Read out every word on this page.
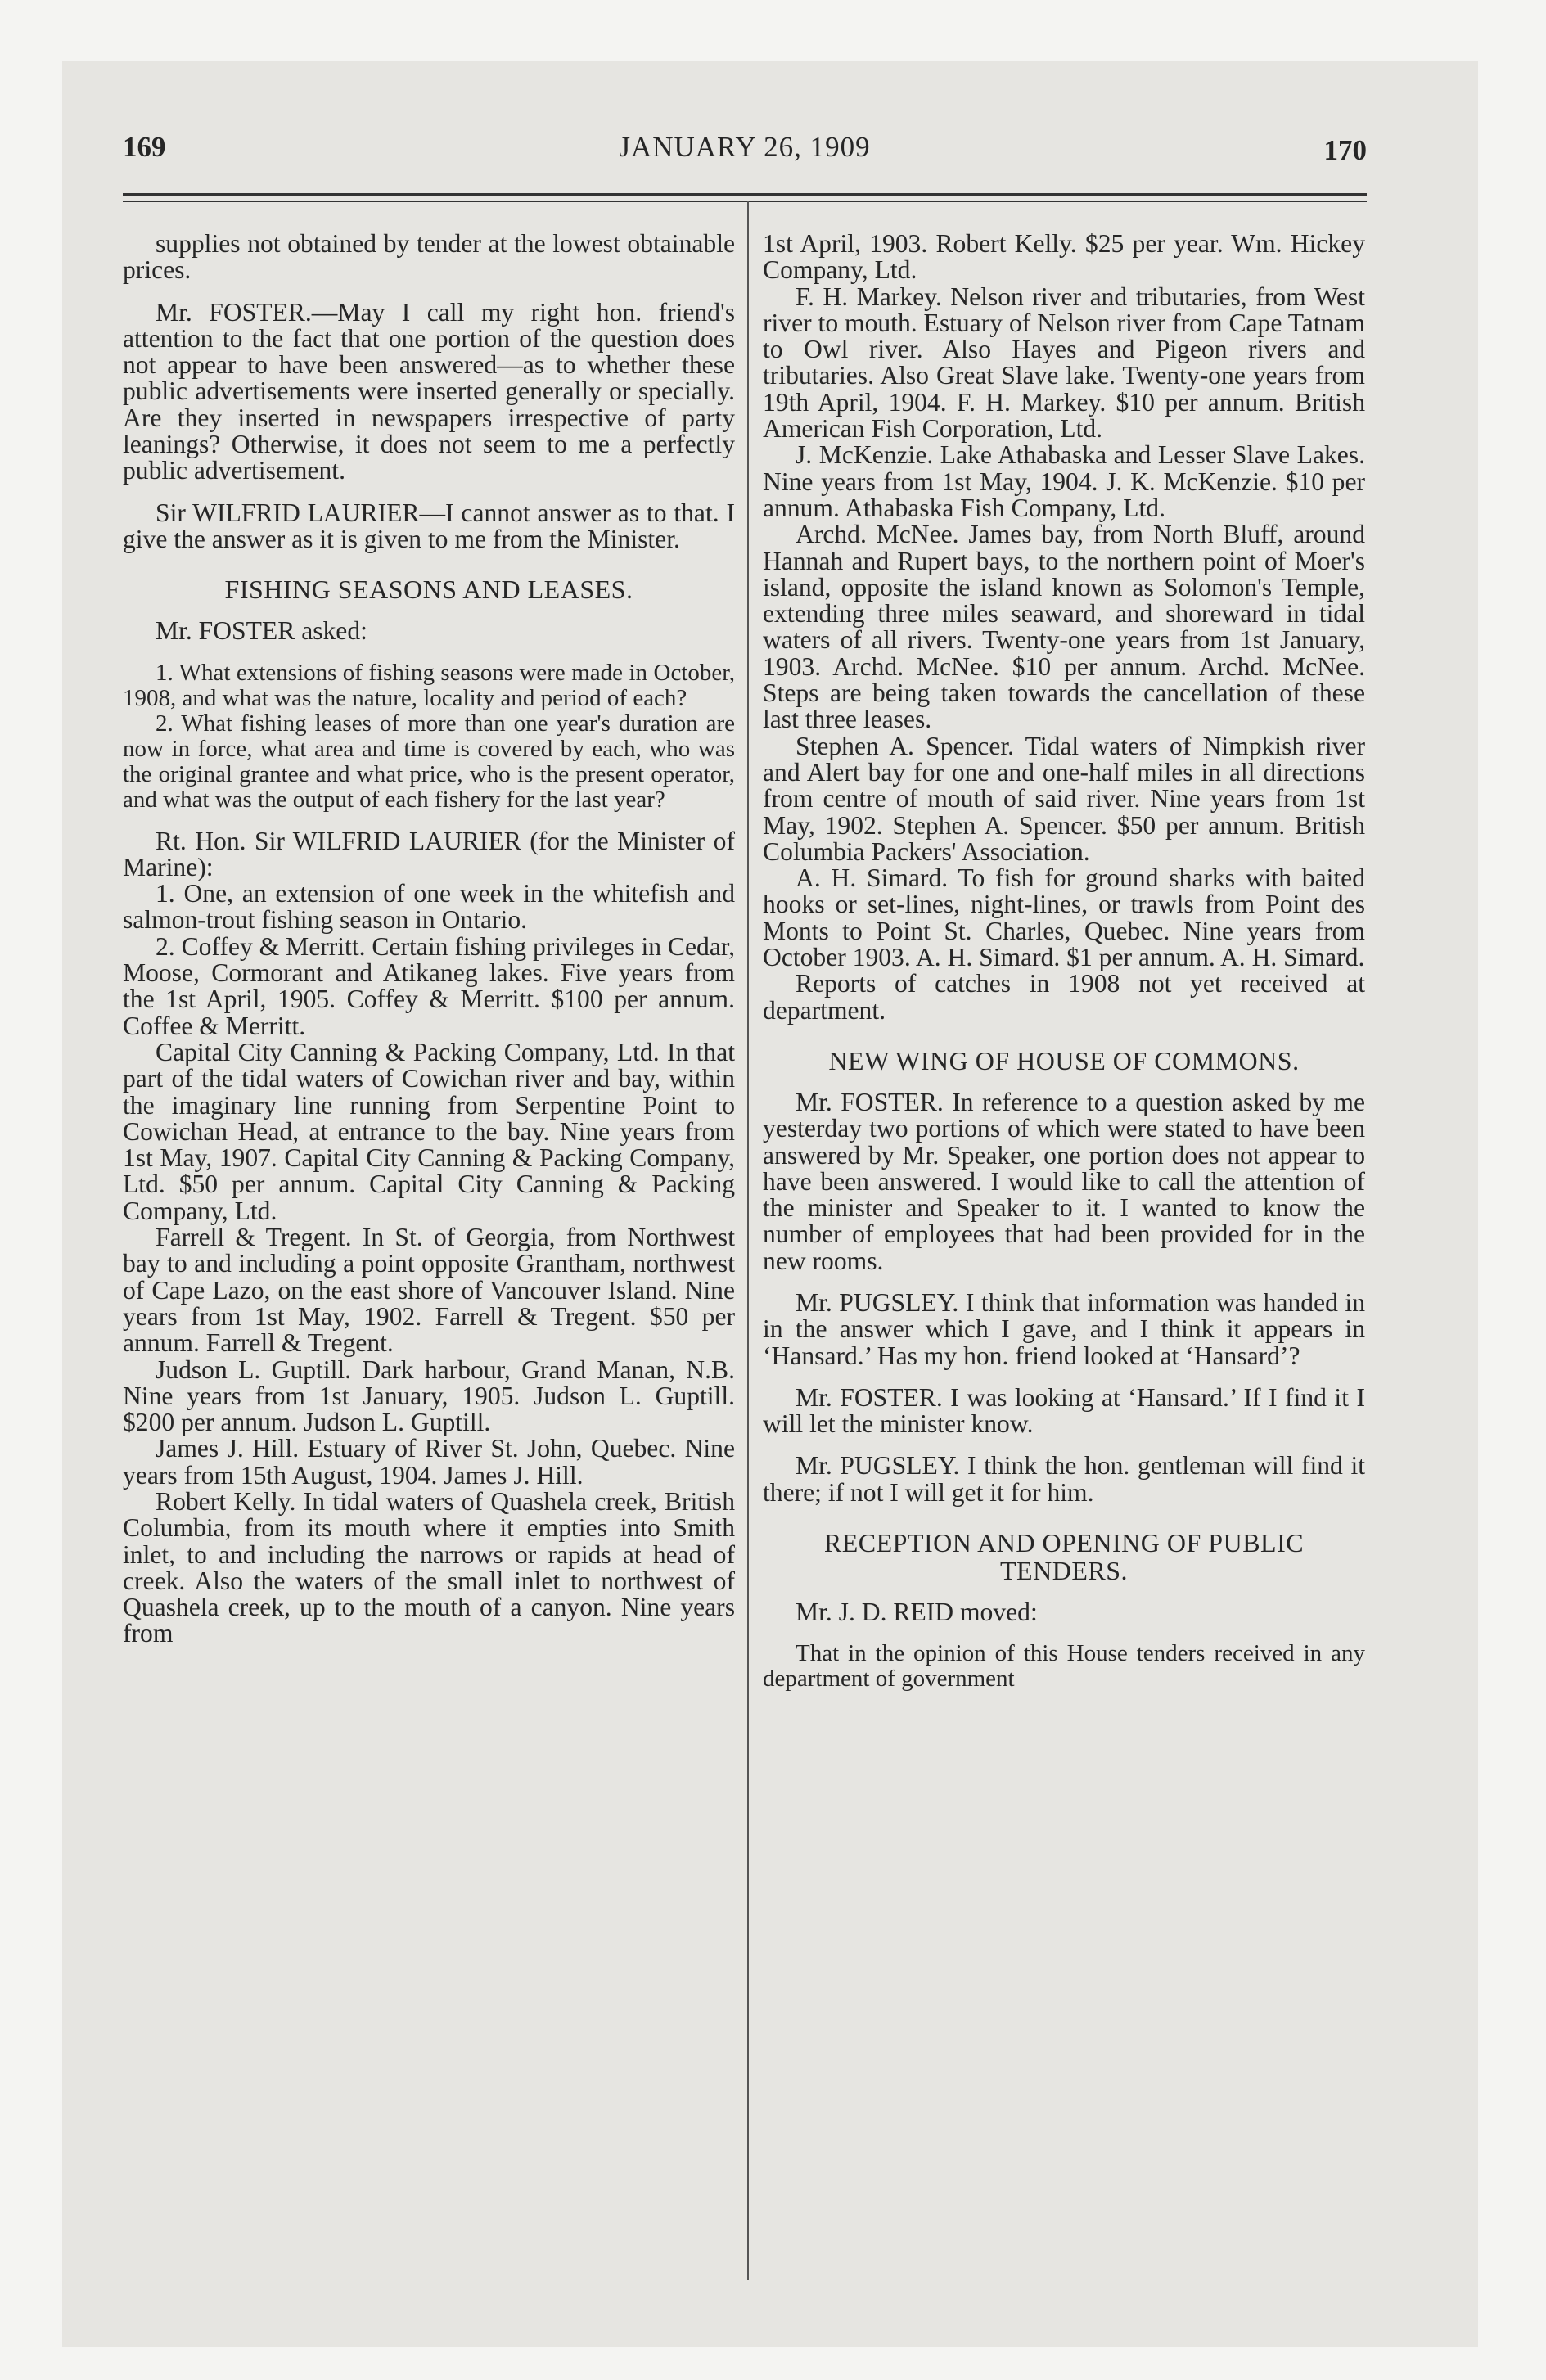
169	JANUARY 26, 1909	170

supplies not obtained by tender at the lowest obtainable prices.

Mr. FOSTER.—May I call my right hon. friend's attention to the fact that one portion of the question does not appear to have been answered—as to whether these public advertisements were inserted generally or specially. Are they inserted in newspapers irrespective of party leanings? Otherwise, it does not seem to me a perfectly public advertisement.

Sir WILFRID LAURIER—I cannot answer as to that. I give the answer as it is given to me from the Minister.

FISHING SEASONS AND LEASES.

Mr. FOSTER asked:

1. What extensions of fishing seasons were made in October, 1908, and what was the nature, locality and period of each?

2. What fishing leases of more than one year's duration are now in force, what area and time is covered by each, who was the original grantee and what price, who is the present operator, and what was the output of each fishery for the last year?

Rt. Hon. Sir WILFRID LAURIER (for the Minister of Marine):

1. One, an extension of one week in the whitefish and salmon-trout fishing season in Ontario.

2. Coffey & Merritt. Certain fishing privileges in Cedar, Moose, Cormorant and Atikaneg lakes. Five years from the 1st April, 1905. Coffey & Merritt. $100 per annum. Coffee & Merritt.

Capital City Canning & Packing Company, Ltd. In that part of the tidal waters of Cowichan river and bay, within the imaginary line running from Serpentine Point to Cowichan Head, at entrance to the bay. Nine years from 1st May, 1907. Capital City Canning & Packing Company, Ltd. $50 per annum. Capital City Canning & Packing Company, Ltd.

Farrell & Tregent. In St. of Georgia, from Northwest bay to and including a point opposite Grantham, northwest of Cape Lazo, on the east shore of Vancouver Island. Nine years from 1st May, 1902. Farrell & Tregent. $50 per annum. Farrell & Tregent.

Judson L. Guptill. Dark harbour, Grand Manan, N.B. Nine years from 1st January, 1905. Judson L. Guptill. $200 per annum. Judson L. Guptill.

James J. Hill. Estuary of River St. John, Quebec. Nine years from 15th August, 1904. James J. Hill.

Robert Kelly. In tidal waters of Quashela creek, British Columbia, from its mouth where it empties into Smith inlet, to and including the narrows or rapids at head of creek. Also the waters of the small inlet to northwest of Quashela creek, up to the mouth of a canyon. Nine years from

1st April, 1903. Robert Kelly. $25 per year. Wm. Hickey Company, Ltd.

F. H. Markey. Nelson river and tributaries, from West river to mouth. Estuary of Nelson river from Cape Tatnam to Owl river. Also Hayes and Pigeon rivers and tributaries. Also Great Slave lake. Twenty-one years from 19th April, 1904. F. H. Markey. $10 per annum. British American Fish Corporation, Ltd.

J. McKenzie. Lake Athabaska and Lesser Slave Lakes. Nine years from 1st May, 1904. J. K. McKenzie. $10 per annum. Athabaska Fish Company, Ltd.

Archd. McNee. James bay, from North Bluff, around Hannah and Rupert bays, to the northern point of Moer's island, opposite the island known as Solomon's Temple, extending three miles seaward, and shoreward in tidal waters of all rivers. Twenty-one years from 1st January, 1903. Archd. McNee. $10 per annum. Archd. McNee. Steps are being taken towards the cancellation of these last three leases.

Stephen A. Spencer. Tidal waters of Nimpkish river and Alert bay for one and one-half miles in all directions from centre of mouth of said river. Nine years from 1st May, 1902. Stephen A. Spencer. $50 per annum. British Columbia Packers' Association.

A. H. Simard. To fish for ground sharks with baited hooks or set-lines, night-lines, or trawls from Point des Monts to Point St. Charles, Quebec. Nine years from October 1903. A. H. Simard. $1 per annum. A. H. Simard.

Reports of catches in 1908 not yet received at department.

NEW WING OF HOUSE OF COMMONS.

Mr. FOSTER. In reference to a question asked by me yesterday two portions of which were stated to have been answered by Mr. Speaker, one portion does not appear to have been answered. I would like to call the attention of the minister and Speaker to it. I wanted to know the number of employees that had been provided for in the new rooms.

Mr. PUGSLEY. I think that information was handed in in the answer which I gave, and I think it appears in ‘Hansard.’ Has my hon. friend looked at ‘Hansard’?

Mr. FOSTER. I was looking at ‘Hansard.’ If I find it I will let the minister know.

Mr. PUGSLEY. I think the hon. gentleman will find it there; if not I will get it for him.

RECEPTION AND OPENING OF PUBLIC TENDERS.

Mr. J. D. REID moved:

That in the opinion of this House tenders received in any department of government
